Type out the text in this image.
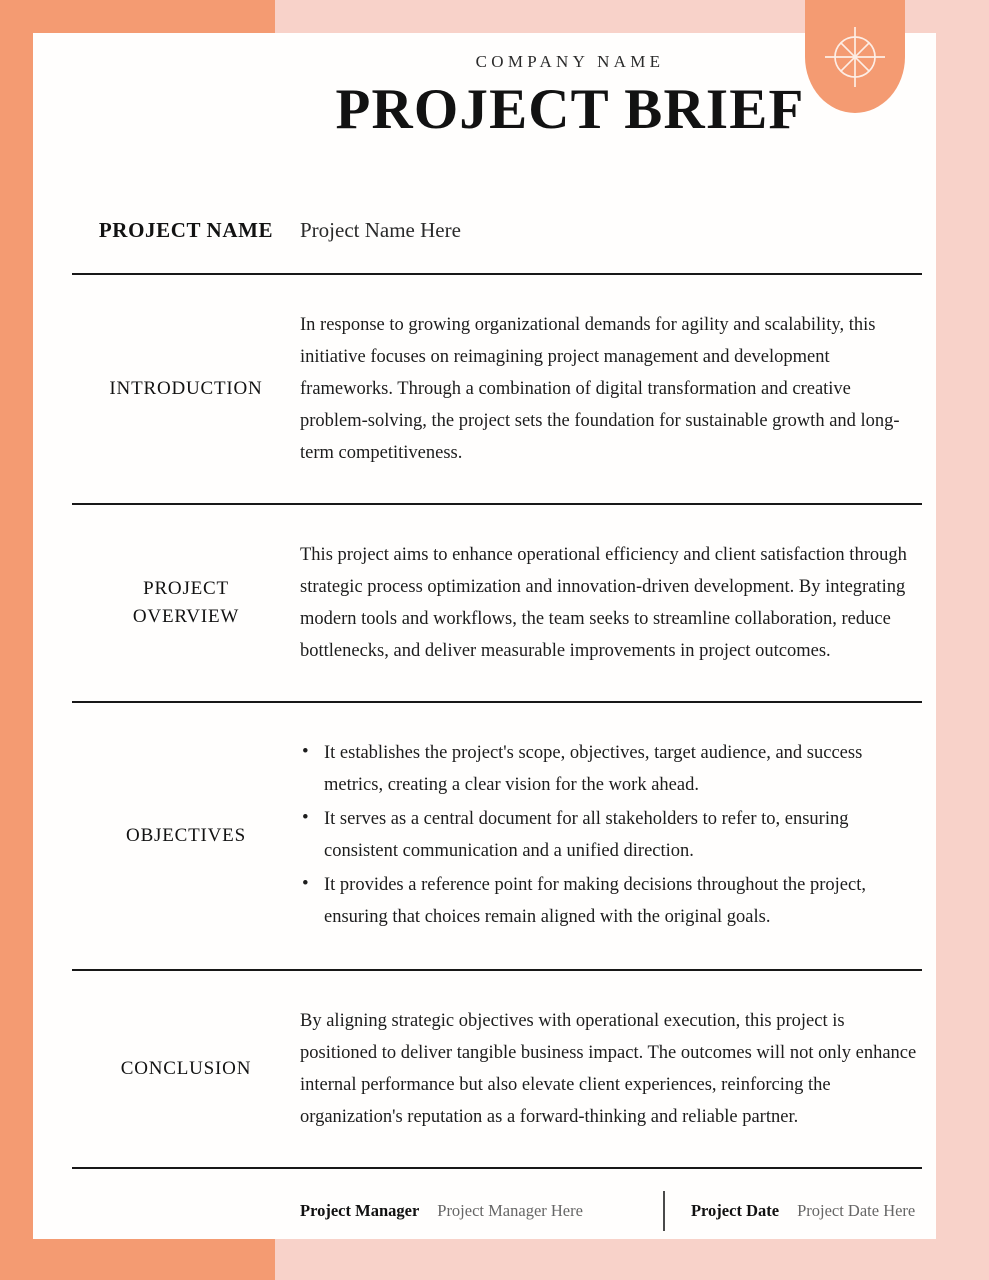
COMPANY NAME
PROJECT BRIEF
PROJECT NAME	Project Name Here
INTRODUCTION

In response to growing organizational demands for agility and scalability, this initiative focuses on reimagining project management and development frameworks. Through a combination of digital transformation and creative problem-solving, the project sets the foundation for sustainable growth and long-term competitiveness.

PROJECT
OVERVIEW

This project aims to enhance operational efficiency and client satisfaction through strategic process optimization and innovation-driven development. By integrating modern tools and workflows, the team seeks to streamline collaboration, reduce bottlenecks, and deliver measurable improvements in project outcomes.

OBJECTIVES
• It establishes the project's scope, objectives, target audience, and success metrics, creating a clear vision for the work ahead.
• It serves as a central document for all stakeholders to refer to, ensuring consistent communication and a unified direction.
• It provides a reference point for making decisions throughout the project, ensuring that choices remain aligned with the original goals.
CONCLUSION

By aligning strategic objectives with operational execution, this project is positioned to deliver tangible business impact. The outcomes will not only enhance internal performance but also elevate client experiences, reinforcing the organization's reputation as a forward-thinking and reliable partner.

Project Manager Project Manager Here	Project Date Project Date Here
